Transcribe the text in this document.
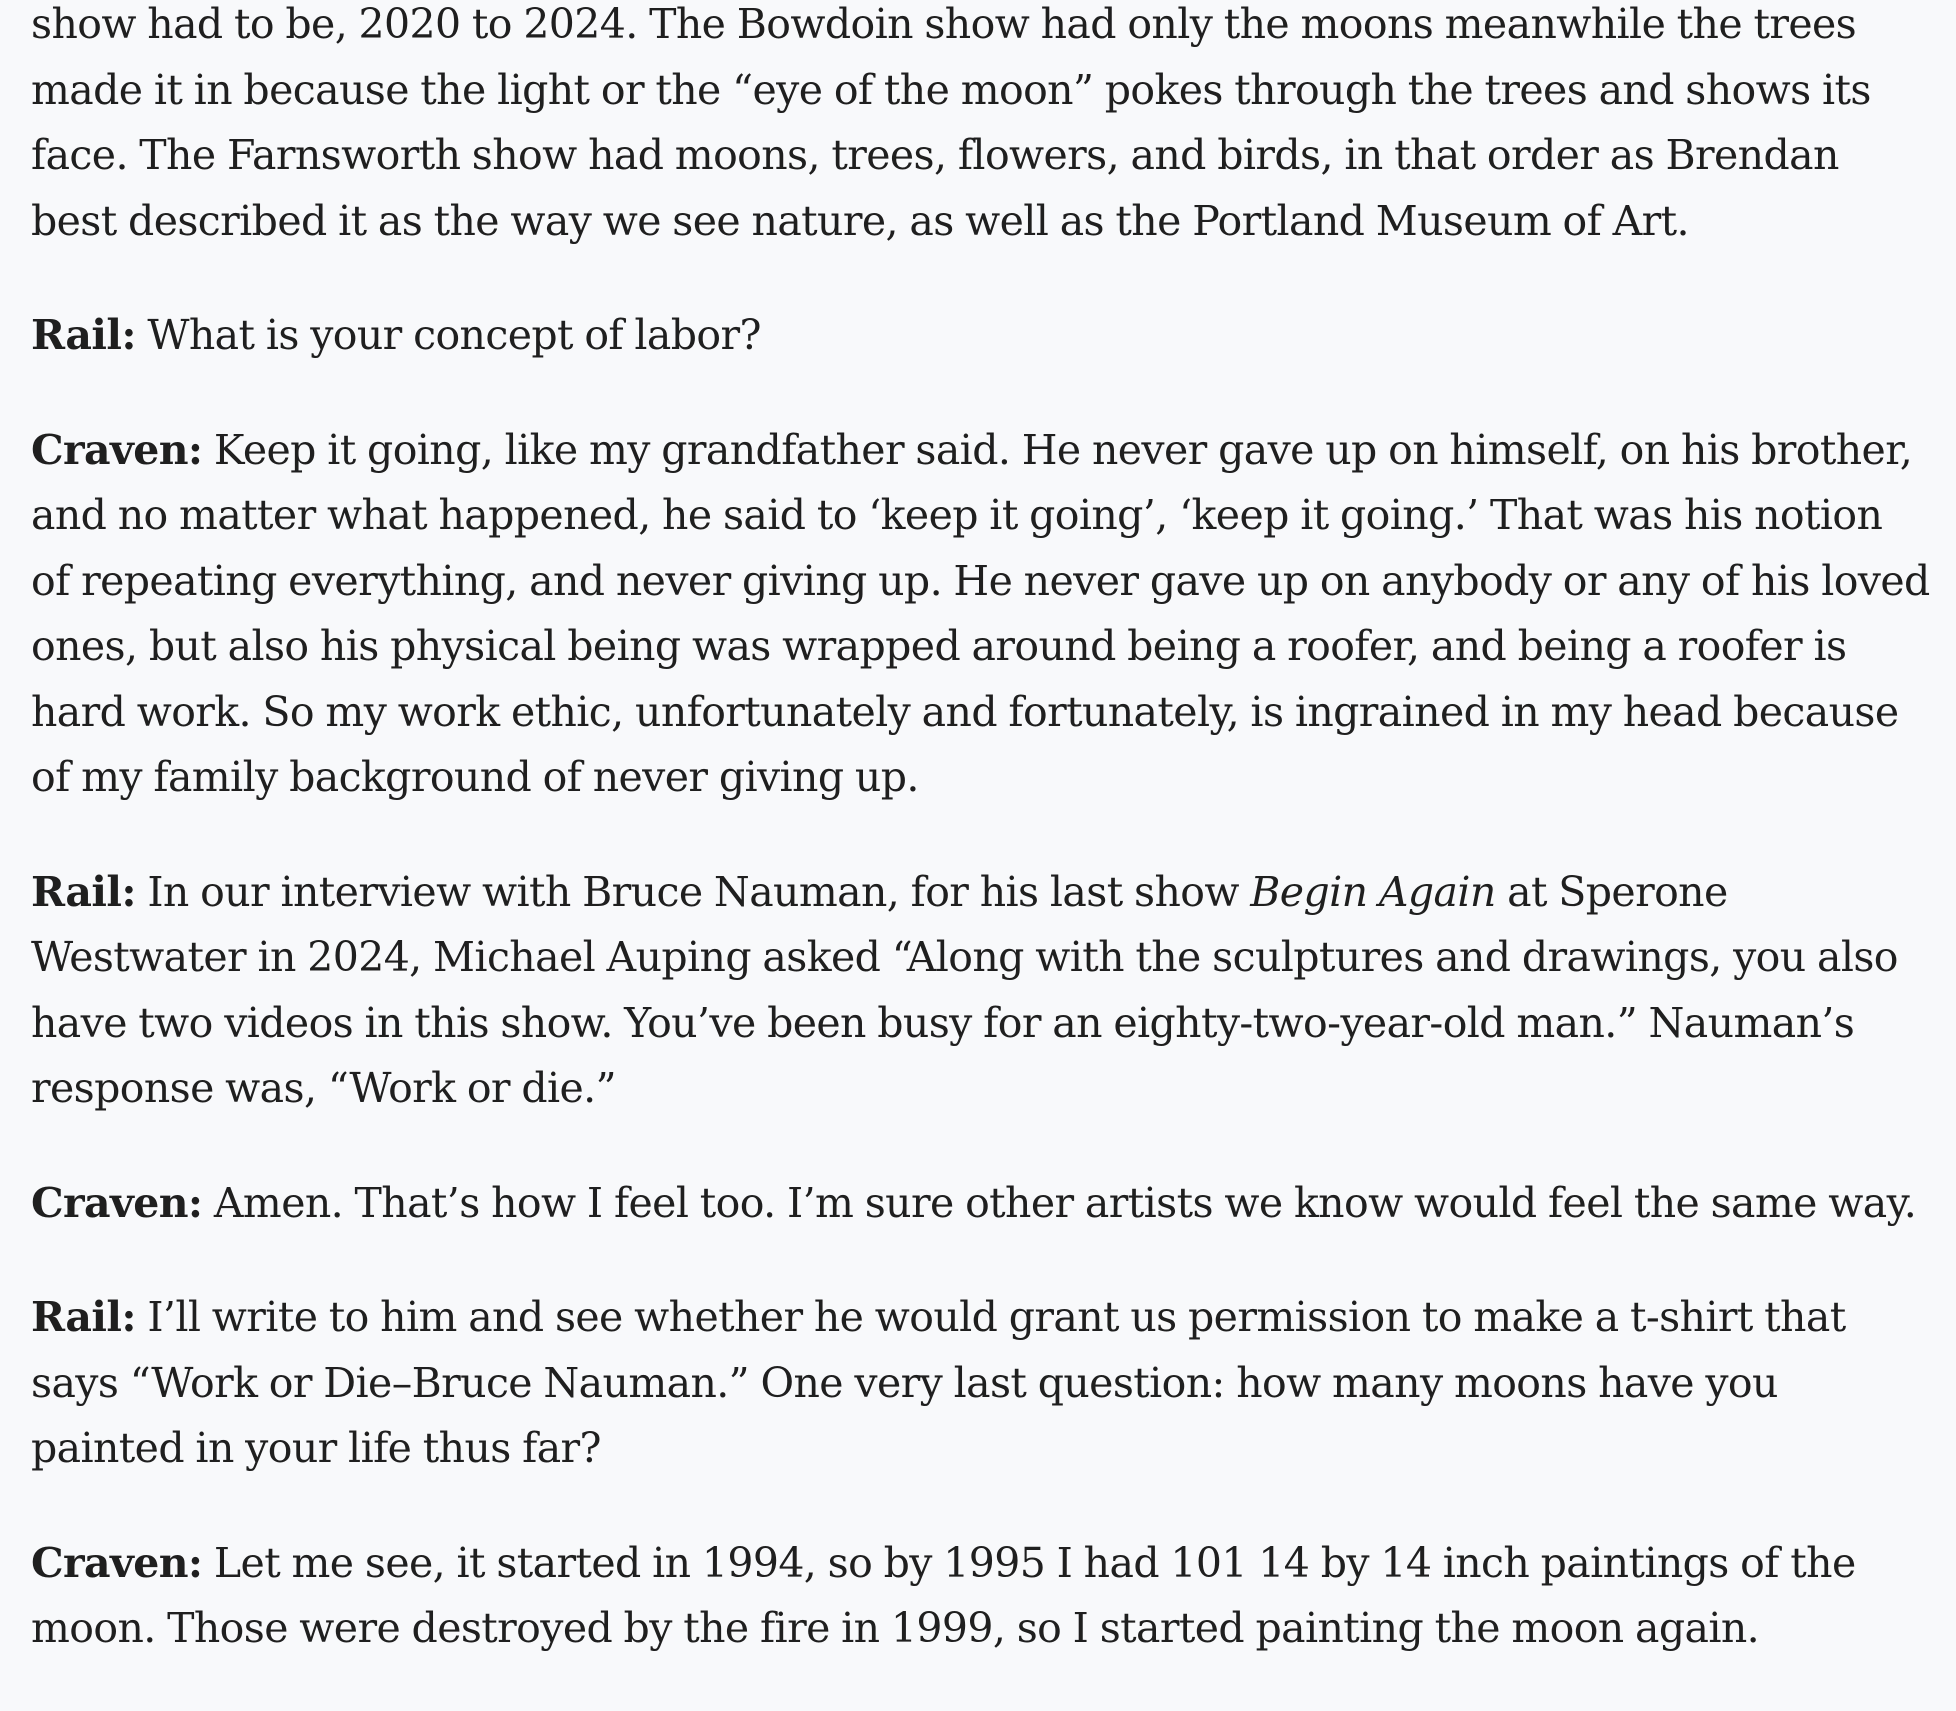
show had to be, 2020 to 2024. The Bowdoin show had only the moons meanwhile the trees made it in because the light or the “eye of the moon” pokes through the trees and shows its face. The Farnsworth show had moons, trees, flowers, and birds, in that order as Brendan best described it as the way we see nature, as well as the Portland Museum of Art.

Rail: What is your concept of labor?

Craven: Keep it going, like my grandfather said. He never gave up on himself, on his brother, and no matter what happened, he said to ‘keep it going’, ‘keep it going.’ That was his notion of repeating everything, and never giving up. He never gave up on anybody or any of his loved ones, but also his physical being was wrapped around being a roofer, and being a roofer is hard work. So my work ethic, unfortunately and fortunately, is ingrained in my head because of my family background of never giving up.

Rail: In our interview with Bruce Nauman, for his last show Begin Again at Sperone Westwater in 2024, Michael Auping asked “Along with the sculptures and drawings, you also have two videos in this show. You’ve been busy for an eighty-two-year-old man.” Nauman’s response was, “Work or die.”

Craven: Amen. That’s how I feel too. I’m sure other artists we know would feel the same way.

Rail: I’ll write to him and see whether he would grant us permission to make a t-shirt that says “Work or Die–Bruce Nauman.” One very last question: how many moons have you painted in your life thus far?

Craven: Let me see, it started in 1994, so by 1995 I had 101 14 by 14 inch paintings of the moon. Those were destroyed by the fire in 1999, so I started painting the moon again.
